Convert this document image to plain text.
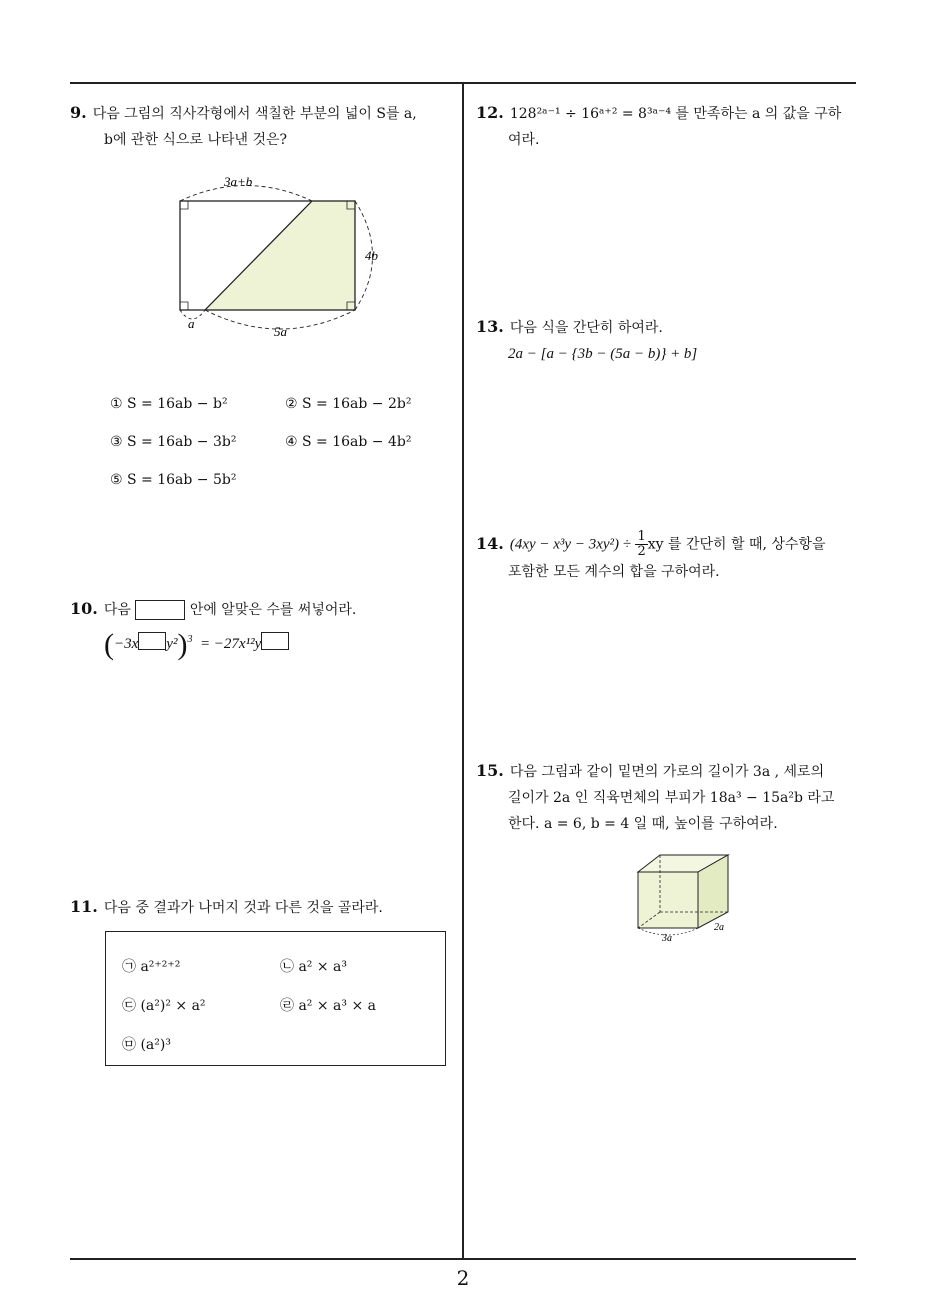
9. 다음 그림의 직사각형에서 색칠한 부분의 넓이 S를 a,
b에 관한 식으로 나타낸 것은?
3a+b
4b
5a
a
① S = 16ab − b²	② S = 16ab − 2b²
③ S = 16ab − 3b²	④ S = 16ab − 4b²
⑤ S = 16ab − 5b²
10. 다음	안에 알맞은 수를 써넣어라.
(−3x y²)$^3$ = −27x¹²y
11. 다음 중 결과가 나머지 것과 다른 것을 골라라.
㉠ a²⁺²⁺²	㉡ a² × a³
㉢ (a²)² × a²	㉣ a² × a³ × a
㉤ (a²)³
12. 128²ᵃ⁻¹ ÷ 16ᵃ⁺² = 8³ᵃ⁻⁴ 를 만족하는 a 의 값을 구하
여라.
13. 다음 식을 간단히 하여라.
2a − [a − {3b − (5a − b)} + b]
14. $(4xy - x^3y - 3xy^2) \div \frac{1}{2}$ xy 를 간단히 할 때, 상수항을
포함한 모든 계수의 합을 구하여라.
15. 다음 그림과 같이 밑면의 가로의 길이가 3a , 세로의
길이가 2a 인 직육면체의 부피가 18a³ − 15a²b 라고
한다. a = 6, b = 4 일 때, 높이를 구하여라.
3a
2a
2
